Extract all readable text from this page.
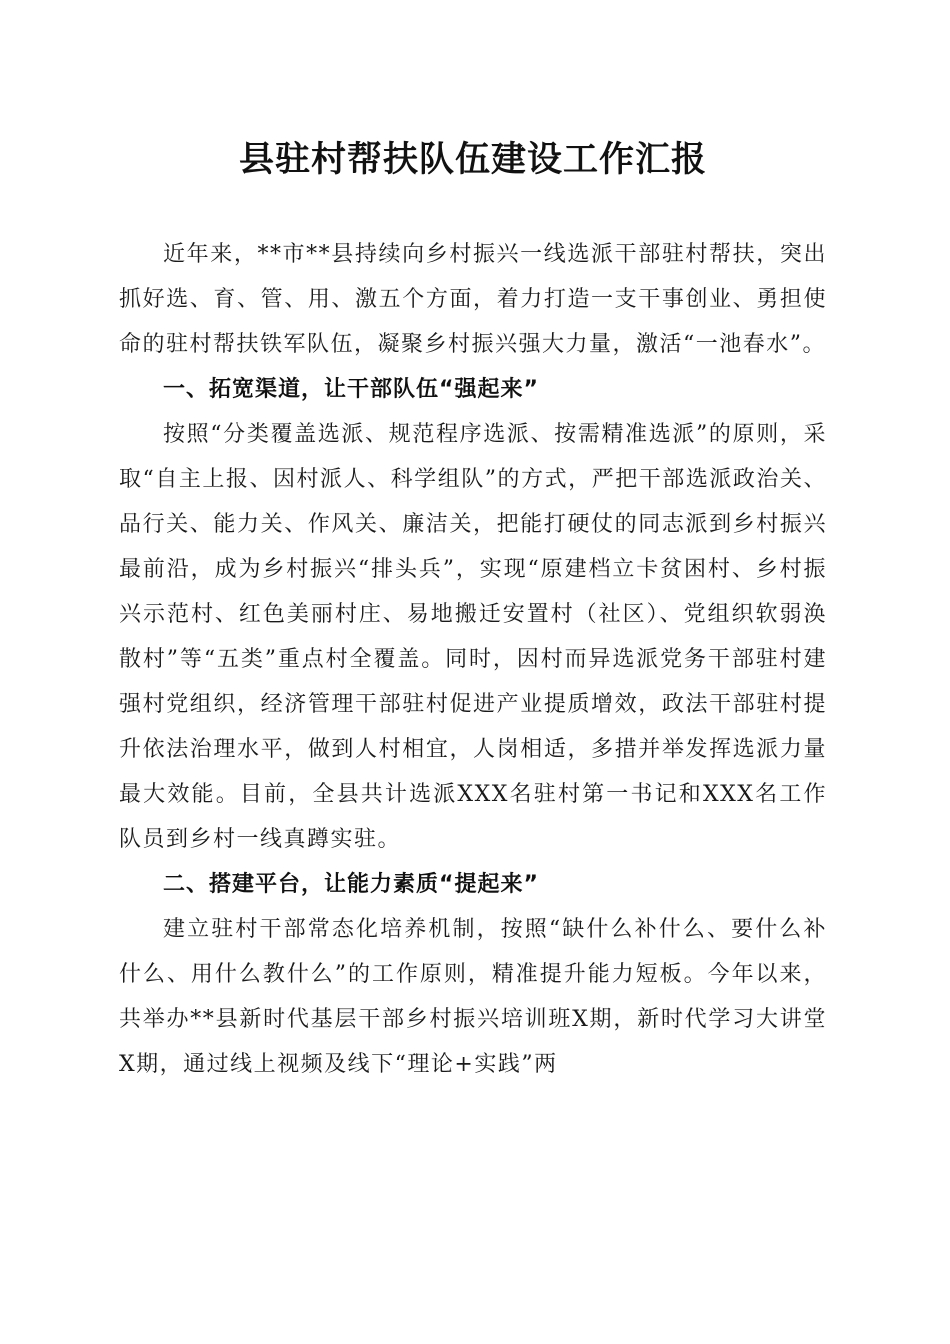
县驻村帮扶队伍建设工作汇报

近年来，**市**县持续向乡村振兴一线选派干部驻村帮扶，突出抓好选、育、管、用、激五个方面，着力打造一支干事创业、勇担使命的驻村帮扶铁军队伍，凝聚乡村振兴强大力量，激活“一池春水”。

一、拓宽渠道，让干部队伍“强起来”

按照“分类覆盖选派、规范程序选派、按需精准选派”的原则，采取“自主上报、因村派人、科学组队”的方式，严把干部选派政治关、品行关、能力关、作风关、廉洁关，把能打硬仗的同志派到乡村振兴最前沿，成为乡村振兴“排头兵”，实现“原建档立卡贫困村、乡村振兴示范村、红色美丽村庄、易地搬迁安置村（社区）、党组织软弱涣散村”等“五类”重点村全覆盖。同时，因村而异选派党务干部驻村建强村党组织，经济管理干部驻村促进产业提质增效，政法干部驻村提升依法治理水平，做到人村相宜，人岗相适，多措并举发挥选派力量最大效能。目前，全县共计选派XXX名驻村第一书记和XXX名工作队员到乡村一线真蹲实驻。

二、搭建平台，让能力素质“提起来”

建立驻村干部常态化培养机制，按照“缺什么补什么、要什么补什么、用什么教什么”的工作原则，精准提升能力短板。今年以来，共举办**县新时代基层干部乡村振兴培训班X期，新时代学习大讲堂X期，通过线上视频及线下“理论+实践”两
